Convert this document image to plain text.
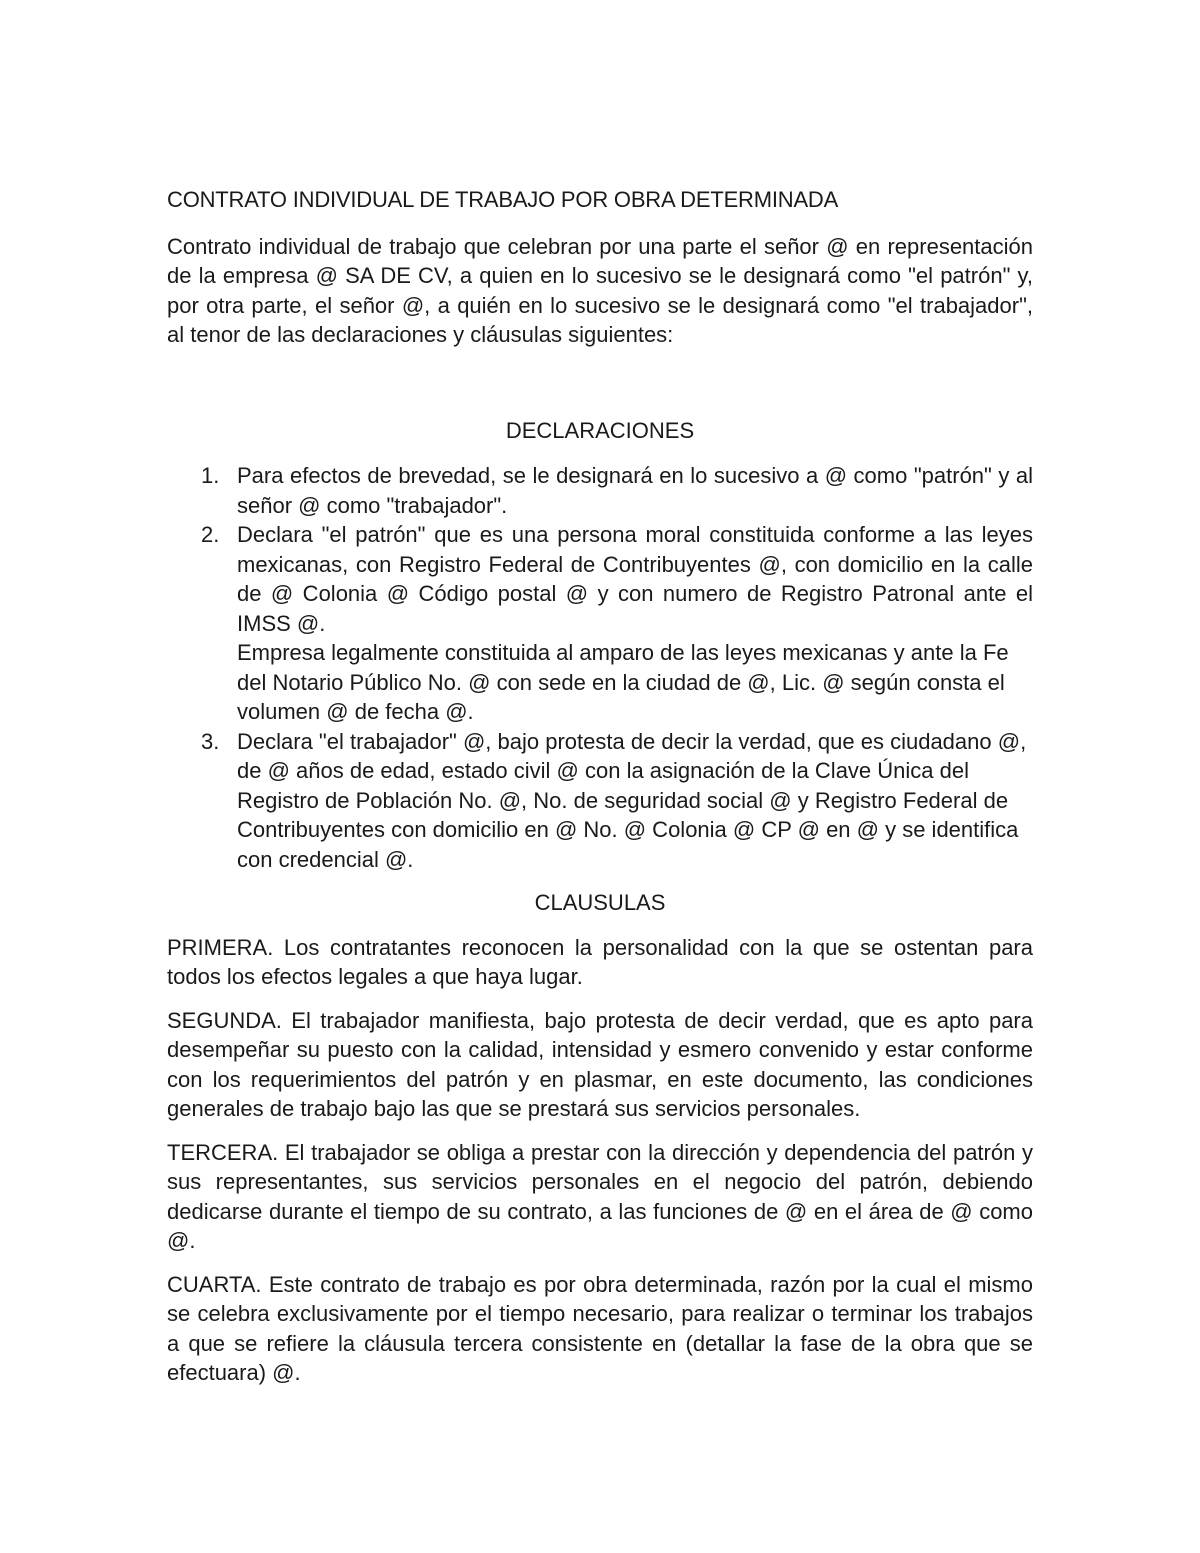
CONTRATO INDIVIDUAL DE TRABAJO POR OBRA DETERMINADA

Contrato individual de trabajo que celebran por una parte el señor @ en representación de la empresa @ SA DE CV, a quien en lo sucesivo se le designará como "el patrón" y, por otra parte, el señor @, a quién en lo sucesivo se le designará como "el trabajador", al tenor de las declaraciones y cláusulas siguientes:

DECLARACIONES

1. Para efectos de brevedad, se le designará en lo sucesivo a @ como "patrón" y al señor @ como "trabajador".

2. Declara "el patrón" que es una persona moral constituida conforme a las leyes mexicanas, con Registro Federal de Contribuyentes @, con domicilio en la calle de @ Colonia @ Código postal @ y con numero de Registro Patronal ante el IMSS @.

Empresa legalmente constituida al amparo de las leyes mexicanas y ante la Fe del Notario Público No. @ con sede en la ciudad de @, Lic. @ según consta el volumen @ de fecha @.

3. Declara "el trabajador" @, bajo protesta de decir la verdad, que es ciudadano @, de @ años de edad, estado civil @ con la asignación de la Clave Única del Registro de Población No. @, No. de seguridad social @ y Registro Federal de Contribuyentes con domicilio en @ No. @ Colonia @ CP @ en @ y se identifica con credencial @.

CLAUSULAS

PRIMERA. Los contratantes reconocen la personalidad con la que se ostentan para todos los efectos legales a que haya lugar.

SEGUNDA. El trabajador manifiesta, bajo protesta de decir verdad, que es apto para desempeñar su puesto con la calidad, intensidad y esmero convenido y estar conforme con los requerimientos del patrón y en plasmar, en este documento, las condiciones generales de trabajo bajo las que se prestará sus servicios personales.

TERCERA. El trabajador se obliga a prestar con la dirección y dependencia del patrón y sus representantes, sus servicios personales en el negocio del patrón, debiendo dedicarse durante el tiempo de su contrato, a las funciones de @ en el área de @ como @.

CUARTA. Este contrato de trabajo es por obra determinada, razón por la cual el mismo se celebra exclusivamente por el tiempo necesario, para realizar o terminar los trabajos a que se refiere la cláusula tercera consistente en (detallar la fase de la obra que se efectuara) @.
